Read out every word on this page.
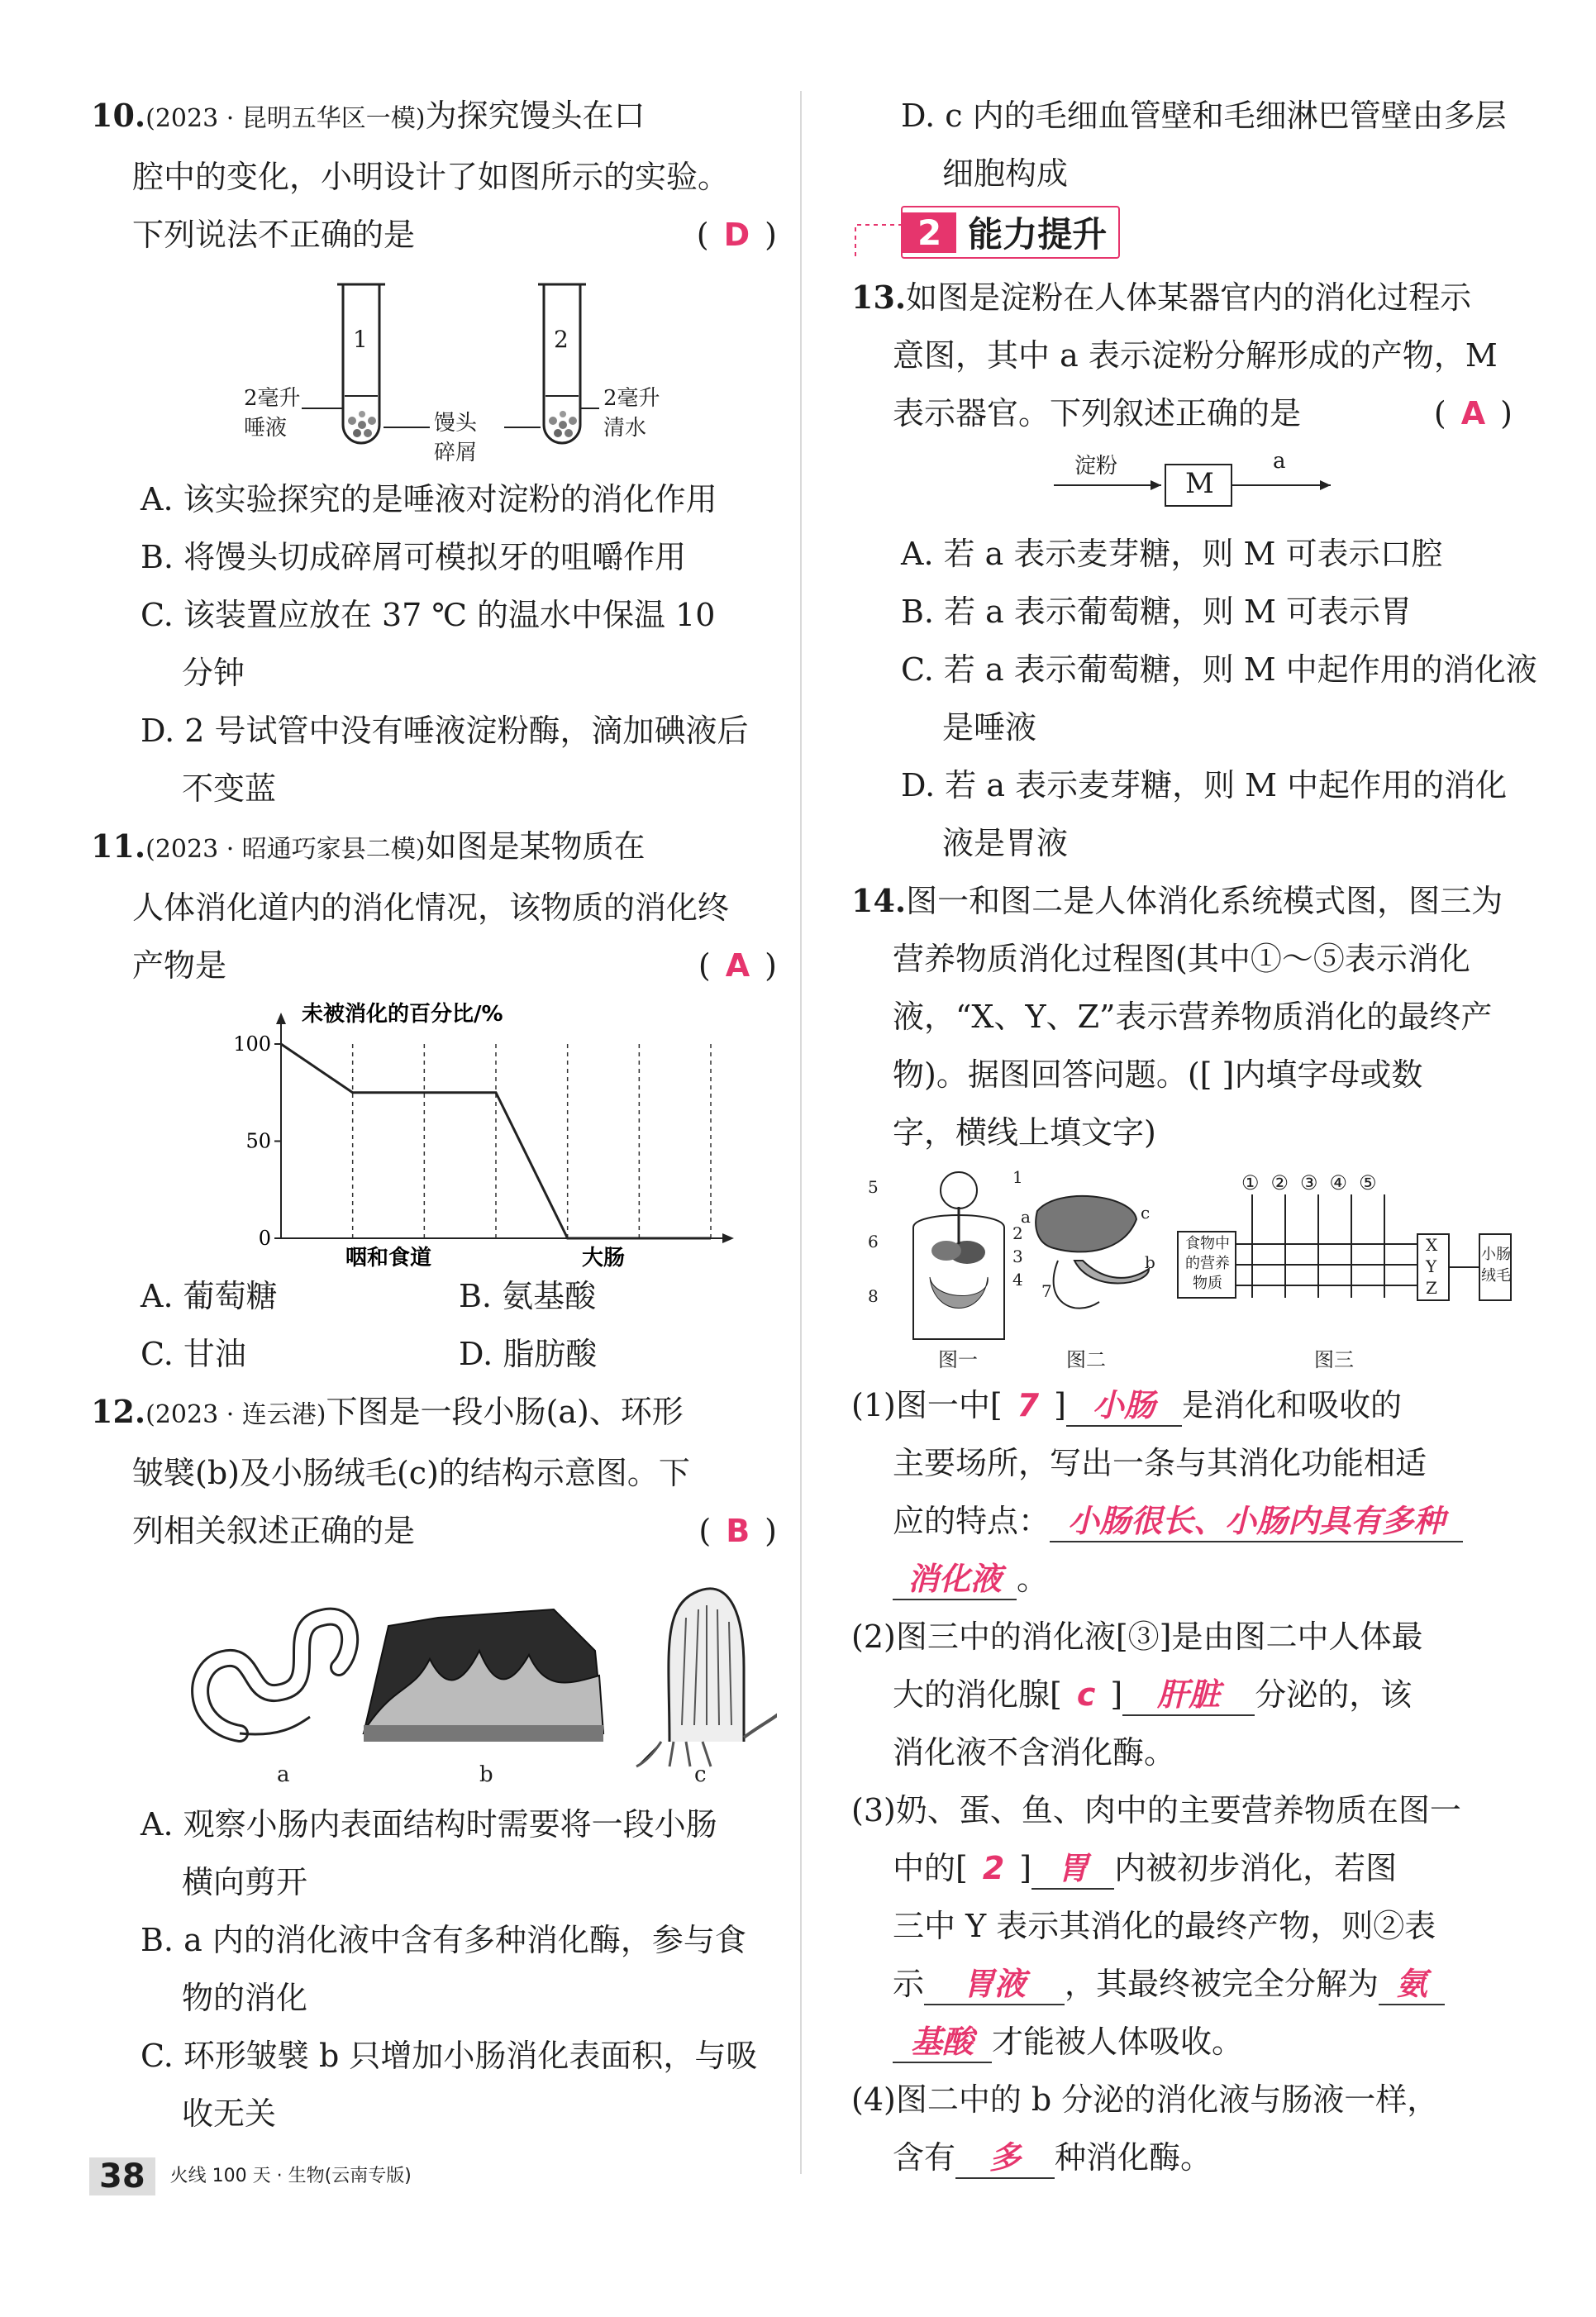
10.(2023 · 昆明五华区一模)为探究馒头在口
腔中的变化，小明设计了如图所示的实验。
下列说法不正确的是	( D )
1	2
2毫升
唾液	馒头
碎屑
2毫升
清水
A. 该实验探究的是唾液对淀粉的消化作用
B. 将馒头切成碎屑可模拟牙的咀嚼作用
C. 该装置应放在 37 ℃ 的温水中保温 10
分钟
D. 2 号试管中没有唾液淀粉酶，滴加碘液后
不变蓝
11.(2023 · 昭通巧家县二模)如图是某物质在
人体消化道内的消化情况，该物质的消化终
产物是	( A )
100
50
0
未被消化的百分比/%
咽和食道	大肠
A. 葡萄糖	B. 氨基酸
C. 甘油	D. 脂肪酸
12.(2023 · 连云港)下图是一段小肠(a)、环形
皱襞(b)及小肠绒毛(c)的结构示意图。下
列相关叙述正确的是	( B )
a	b	c
A. 观察小肠内表面结构时需要将一段小肠
横向剪开
B. a 内的消化液中含有多种消化酶，参与食
物的消化
C. 环形皱襞 b 只增加小肠消化表面积，与吸
收无关
D. c 内的毛细血管壁和毛细淋巴管壁由多层
细胞构成
2 能力提升
13.如图是淀粉在人体某器官内的消化过程示
意图，其中 a 表示淀粉分解形成的产物，M
表示器官。下列叙述正确的是	( A )
淀粉
M
a
A. 若 a 表示麦芽糖，则 M 可表示口腔
B. 若 a 表示葡萄糖，则 M 可表示胃
C. 若 a 表示葡萄糖，则 M 中起作用的消化液
是唾液
D. 若 a 表示麦芽糖，则 M 中起作用的消化
液是胃液
14.图一和图二是人体消化系统模式图，图三为
营养物质消化过程图(其中①～⑤表示消化
液，“X、Y、Z”表示营养物质消化的最终产
物)。据图回答问题。([ ]内填字母或数
字，横线上填文字)
5
6
8
1
2
3
4
7
a	c
b
食物中
的营养
物质
① ② ③ ④ ⑤
X
Y
Z
小肠
绒毛
图一	图二	图三
(1)图一中[ 7 ] 小肠 是消化和吸收的
主要场所，写出一条与其消化功能相适
应的特点： 小肠很长、小肠内具有多种
消化液 。
(2)图三中的消化液[③]是由图二中人体最
大的消化腺[ c ] 肝脏 分泌的，该
消化液不含消化酶。
(3)奶、蛋、鱼、肉中的主要营养物质在图一
中的[ 2 ] 胃 内被初步消化，若图
三中 Y 表示其消化的最终产物，则②表
示 胃液 ，其最终被完全分解为 氨
基酸 才能被人体吸收。
(4)图二中的 b 分泌的消化液与肠液一样，
含有 多 种消化酶。
38 火线 100 天 · 生物(云南专版)
